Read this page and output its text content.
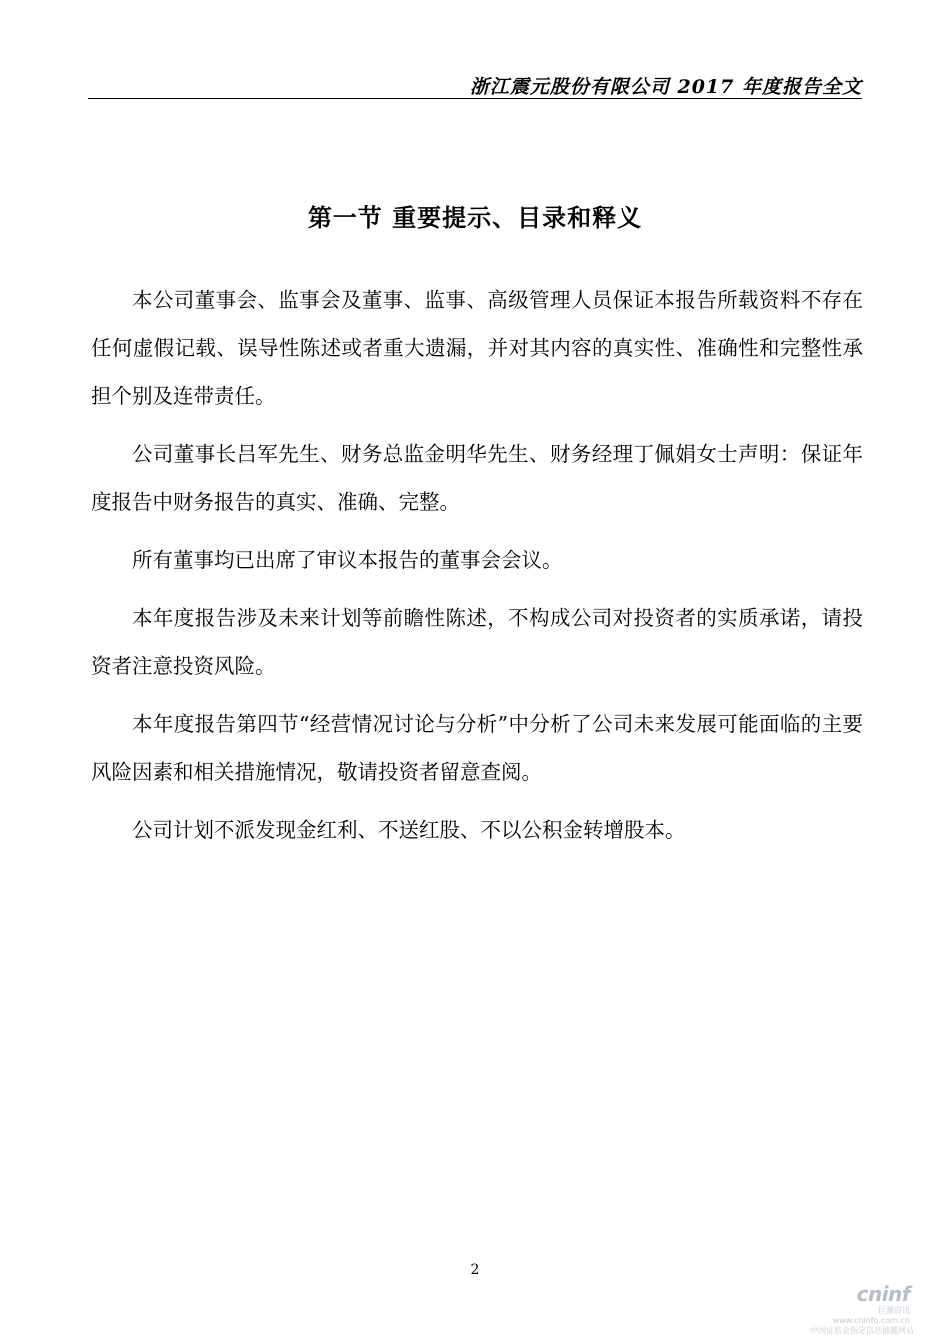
浙江震元股份有限公司 2017 年度报告全文
第一节 重要提示、目录和释义

本公司董事会、监事会及董事、监事、高级管理人员保证本报告所载资料不存在任何虚假记载、误导性陈述或者重大遗漏，并对其内容的真实性、准确性和完整性承担个别及连带责任。

公司董事长吕军先生、财务总监金明华先生、财务经理丁佩娟女士声明：保证年度报告中财务报告的真实、准确、完整。

所有董事均已出席了审议本报告的董事会会议。

本年度报告涉及未来计划等前瞻性陈述，不构成公司对投资者的实质承诺，请投资者注意投资风险。

本年度报告第四节“经营情况讨论与分析”中分析了公司未来发展可能面临的主要风险因素和相关措施情况，敬请投资者留意查阅。

公司计划不派发现金红利、不送红股、不以公积金转增股本。

2
cninf
巨潮资讯
www.cninfo.com.cn
中国证监会指定信息披露网站
